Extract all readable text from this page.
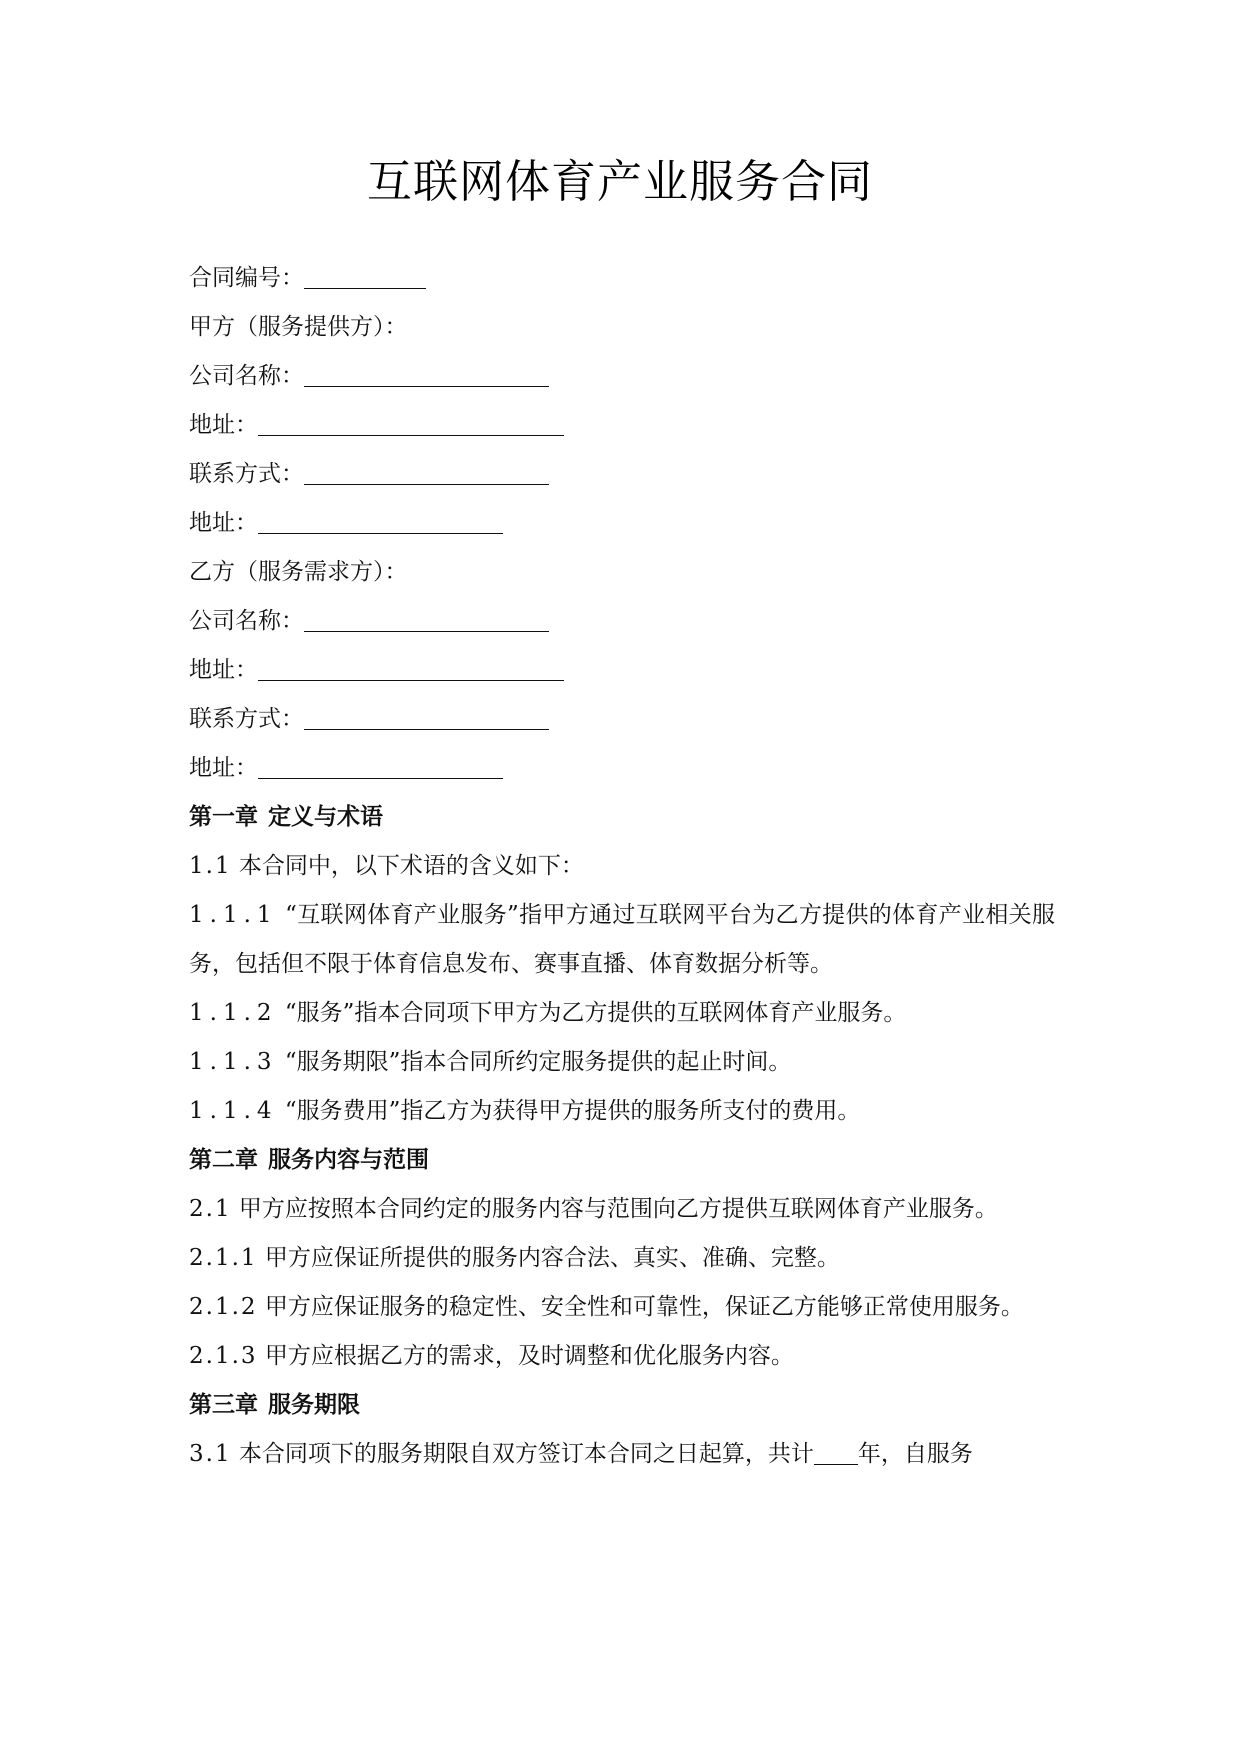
互联网体育产业服务合同
合同编号：
甲方（服务提供方）：
公司名称：
地址：
联系方式：
地址：
乙方（服务需求方）：
公司名称：
地址：
联系方式：
地址：
第一章 定义与术语
1.1 本合同中，以下术语的含义如下：
1.1.1 “互联网体育产业服务”指甲方通过互联网平台为乙方提供的体育产业相关服务，包括但不限于体育信息发布、赛事直播、体育数据分析等。
1.1.2 “服务”指本合同项下甲方为乙方提供的互联网体育产业服务。
1.1.3 “服务期限”指本合同所约定服务提供的起止时间。
1.1.4 “服务费用”指乙方为获得甲方提供的服务所支付的费用。
第二章 服务内容与范围
2.1 甲方应按照本合同约定的服务内容与范围向乙方提供互联网体育产业服务。
2.1.1 甲方应保证所提供的服务内容合法、真实、准确、完整。
2.1.2 甲方应保证服务的稳定性、安全性和可靠性，保证乙方能够正常使用服务。
2.1.3 甲方应根据乙方的需求，及时调整和优化服务内容。
第三章 服务期限
3.1 本合同项下的服务期限自双方签订本合同之日起算，共计 年，自服务
